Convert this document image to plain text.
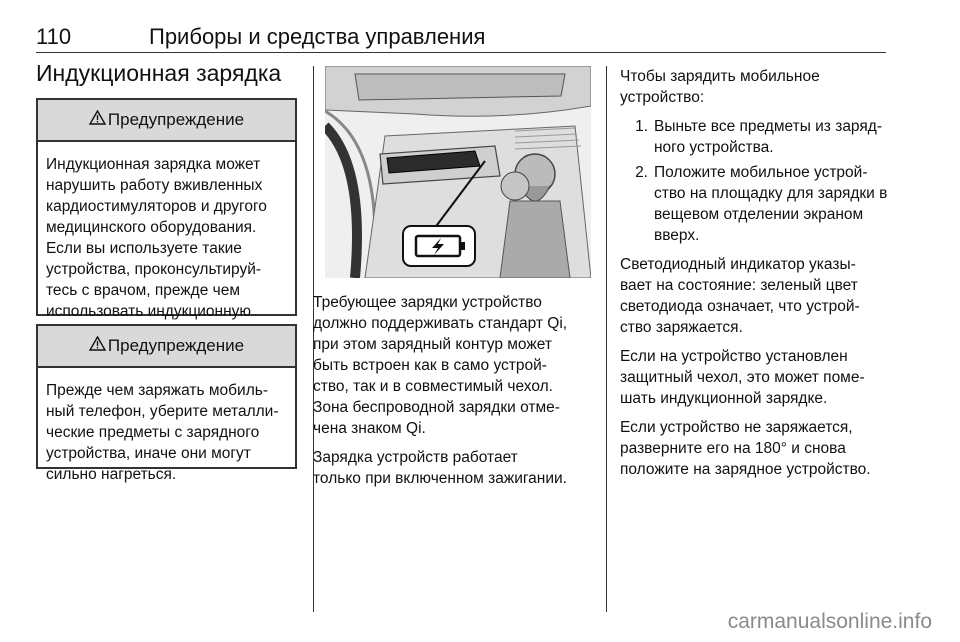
110	Приборы и средства управления
Индукционная зарядка
Предупреждение
Индукционная зарядка может
нарушить работу вживленных
кардиостимуляторов и другого
медицинского оборудования.
Если вы используете такие
устройства, проконсультируй-
тесь с врачом, прежде чем
использовать индукционную
Предупреждение
Прежде чем заряжать мобиль-
ный телефон, уберите металли-
ческие предметы с зарядного
устройства, иначе они могут
сильно нагреться.

Требующее зарядки устройство
должно поддерживать стандарт Qi,
при этом зарядный контур может
быть встроен как в само устрой-
ство, так и в совместимый чехол.
Зона беспроводной зарядки отме-
чена знаком Qi.

Зарядка устройств работает
только при включенном зажигании.

Чтобы зарядить мобильное
устройство:

1. Выньте все предметы из заряд-
ного устройства.
2. Положите мобильное устрой-
ство на площадку для зарядки в
вещевом отделении экраном
вверх.

Светодиодный индикатор указы-
вает на состояние: зеленый цвет
светодиода означает, что устрой-
ство заряжается.

Если на устройство установлен
защитный чехол, это может поме-
шать индукционной зарядке.

Если устройство не заряжается,
разверните его на 180° и снова
положите на зарядное устройство.

carmanualsonline.info
